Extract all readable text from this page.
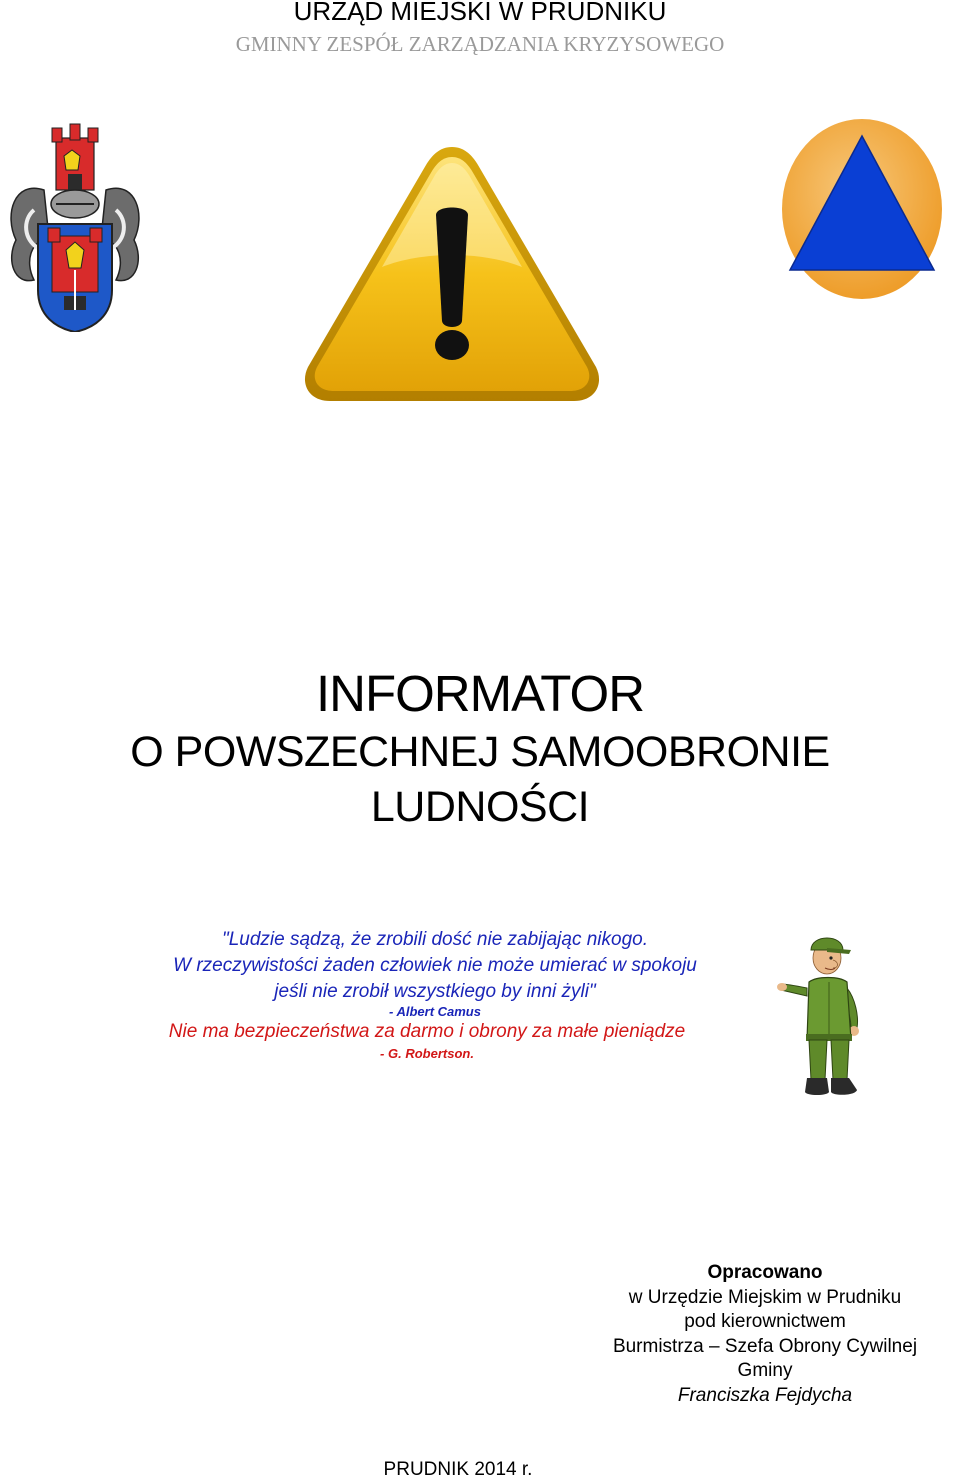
URZĄD MIEJSKI W PRUDNIKU
GMINNY ZESPÓŁ ZARZĄDZANIA KRYZYSOWEGO
INFORMATOR
O POWSZECHNEJ SAMOOBRONIE
LUDNOŚCI
"Ludzie sądzą, że zrobili dość nie zabijając nikogo.
W rzeczywistości żaden człowiek nie może umierać w spokoju
jeśli nie zrobił wszystkiego by inni żyli"
- Albert Camus
Nie ma bezpieczeństwa za darmo i obrony za małe pieniądze
- G. Robertson.
Opracowano
w Urzędzie Miejskim w Prudniku
pod kierownictwem
Burmistrza – Szefa Obrony Cywilnej
Gminy
Franciszka Fejdycha
PRUDNIK 2014 r.
